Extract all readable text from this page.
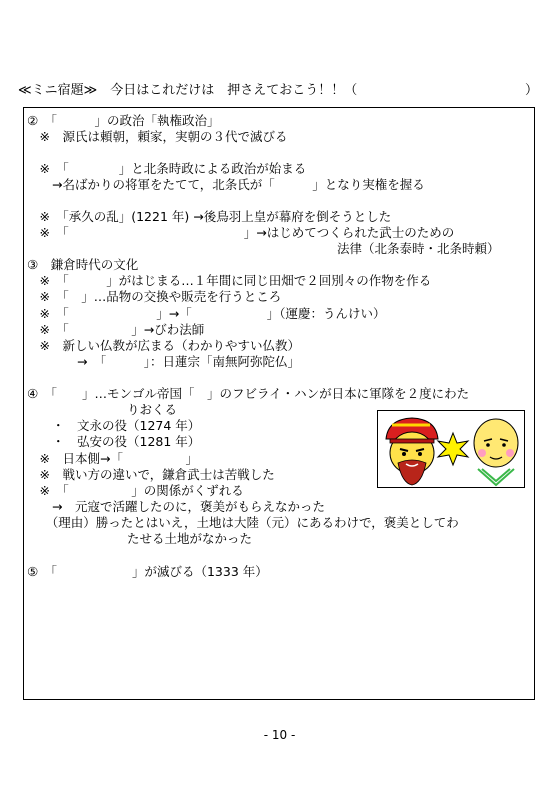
≪ミニ宿題≫　今日はこれだけは　押さえておこう！！（	）
②　「　　　」の政治「執権政治」
　※　源氏は頼朝，頼家，実朝の３代で滅びる
　※　「　　　　」と北条時政による政治が始まる
　　→名ばかりの将軍をたてて，北条氏が「　　　」となり実権を握る
　※　「承久の乱」(1221 年) →後鳥羽上皇が幕府を倒そうとした
　※　「　　　　　　　　　　　　　　」→はじめてつくられた武士のための
法律（北条泰時・北条時頼）
③　鎌倉時代の文化
　※　「　　　」がはじまる…１年間に同じ田畑で２回別々の作物を作る
　※　「　」…品物の交換や販売を行うところ
　※　「　　　　　　　」→「　　　　　　」（運慶：うんけい）
　※　「　　　　　」→びわ法師
　※　新しい仏教が広まる（わかりやすい仏教）
　　　　→　「　　　」：日蓮宗「南無阿弥陀仏」
④　「　　」…モンゴル帝国「　」のフビライ・ハンが日本に軍隊を２度にわた
りおくる
　　・　文永の役（1274 年）
　　・　弘安の役（1281 年）
　※　日本側→「　　　　　」
　※　戦い方の違いで，鎌倉武士は苦戦した
　※　「　　　　　」の関係がくずれる
　　→　元寇で活躍したのに，褒美がもらえなかった
　　（理由）勝ったとはいえ，土地は大陸（元）にあるわけで，褒美としてわ
たせる土地がなかった
⑤　「　　　　　　」が滅びる（1333 年）
- 10 -
